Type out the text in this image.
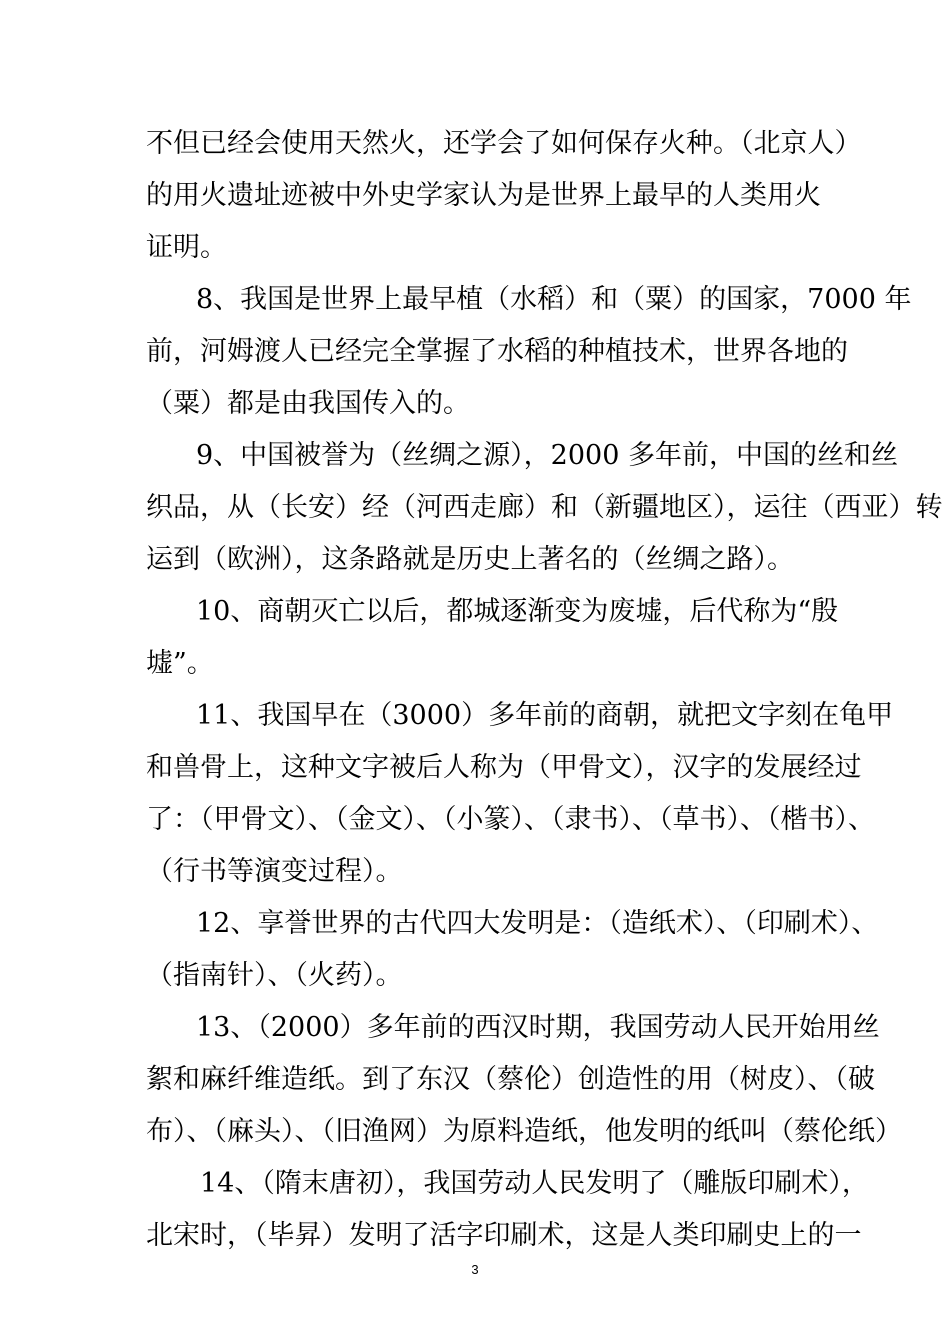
不但已经会使用天然火，还学会了如何保存火种。（北京人）
的用火遗址迹被中外史学家认为是世界上最早的人类用火
证明。
8、我国是世界上最早植（水稻）和（粟）的国家，7000 年
前，河姆渡人已经完全掌握了水稻的种植技术，世界各地的
（粟）都是由我国传入的。
9、中国被誉为（丝绸之源），2000 多年前，中国的丝和丝
织品，从（长安）经（河西走廊）和（新疆地区），运往（西亚）转
运到（欧洲），这条路就是历史上著名的（丝绸之路）。
10、商朝灭亡以后，都城逐渐变为废墟，后代称为“殷
墟”。
11、我国早在（3000）多年前的商朝，就把文字刻在龟甲
和兽骨上，这种文字被后人称为（甲骨文），汉字的发展经过
了：（甲骨文）、（金文）、（小篆）、（隶书）、（草书）、（楷书）、
（行书等演变过程）。
12、享誉世界的古代四大发明是：（造纸术）、（印刷术）、
（指南针）、（火药）。
13、（2000）多年前的西汉时期，我国劳动人民开始用丝
絮和麻纤维造纸。到了东汉（蔡伦）创造性的用（树皮）、（破
布）、（麻头）、（旧渔网）为原料造纸，他发明的纸叫（蔡伦纸）
14、（隋末唐初），我国劳动人民发明了（雕版印刷术），
北宋时，（毕昇）发明了活字印刷术，这是人类印刷史上的一
3
